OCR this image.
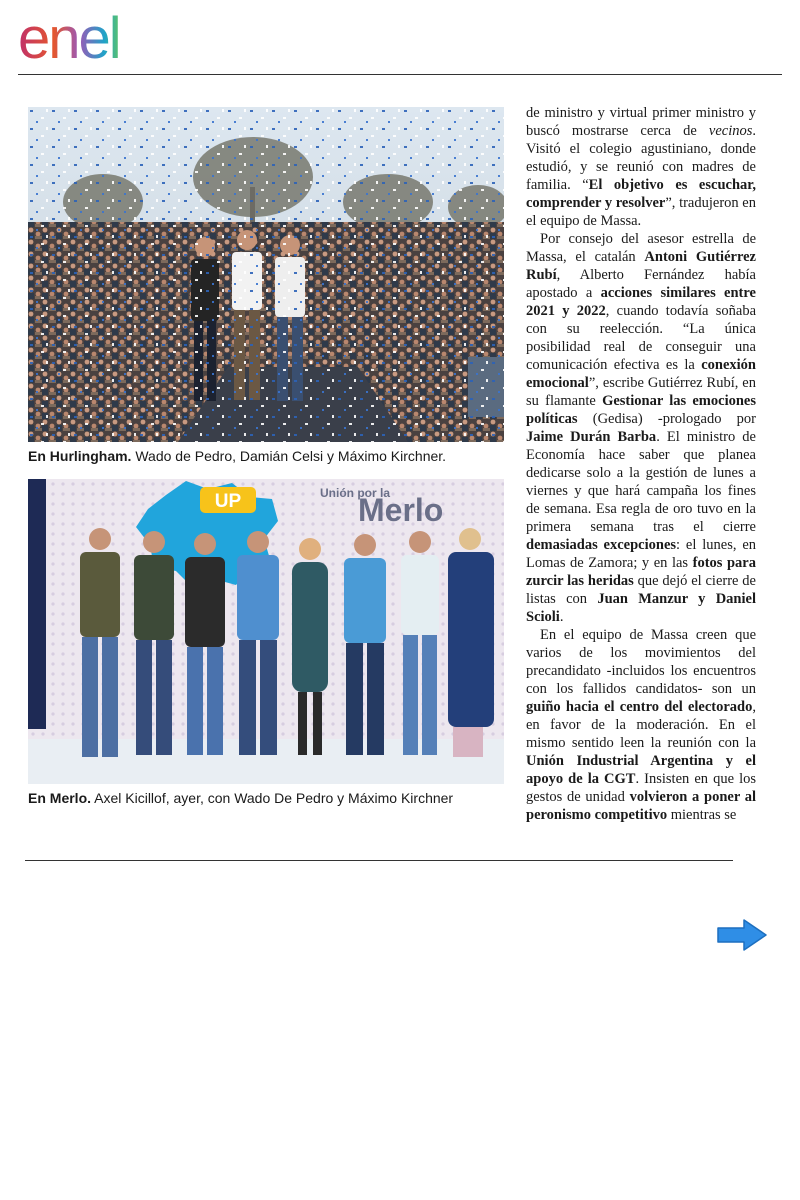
enel
En Hurlingham. Wado de Pedro, Damián Celsi y Máximo Kirchner.
UP	Unión por la
Merlo
En Merlo. Axel Kicillof, ayer, con Wado De Pedro y Máximo Kirchner

de ministro y virtual primer ministro y buscó mostrarse cerca de vecinos. Visitó el colegio agustiniano, donde estudió, y se reunió con madres de familia. “El objetivo es escuchar, comprender y resolver”, tradujeron en el equipo de Massa.

Por consejo del asesor estrella de Massa, el catalán Antoni Gutiérrez Rubí, Alberto Fernández había apostado a acciones similares entre 2021 y 2022, cuando todavía soñaba con su reelección. “La única posibilidad real de conseguir una comunicación efectiva es la conexión emocional”, escribe Gutiérrez Rubí, en su flamante Gestionar las emociones políticas (Gedisa) -prologado por Jaime Durán Barba. El ministro de Economía hace saber que planea dedicarse solo a la gestión de lunes a viernes y que hará campaña los fines de semana. Esa regla de oro tuvo en la primera semana tras el cierre demasiadas excepciones: el lunes, en Lomas de Zamora; y en las fotos para zurcir las heridas que dejó el cierre de listas con Juan Manzur y Daniel Scioli.

En el equipo de Massa creen que varios de los movimientos del precandidato -incluidos los encuentros con los fallidos candidatos- son un guiño hacia el centro del electorado, en favor de la moderación. En el mismo sentido leen la reunión con la Unión Industrial Argentina y el apoyo de la CGT. Insisten en que los gestos de unidad volvieron a poner al peronismo competitivo mientras se
